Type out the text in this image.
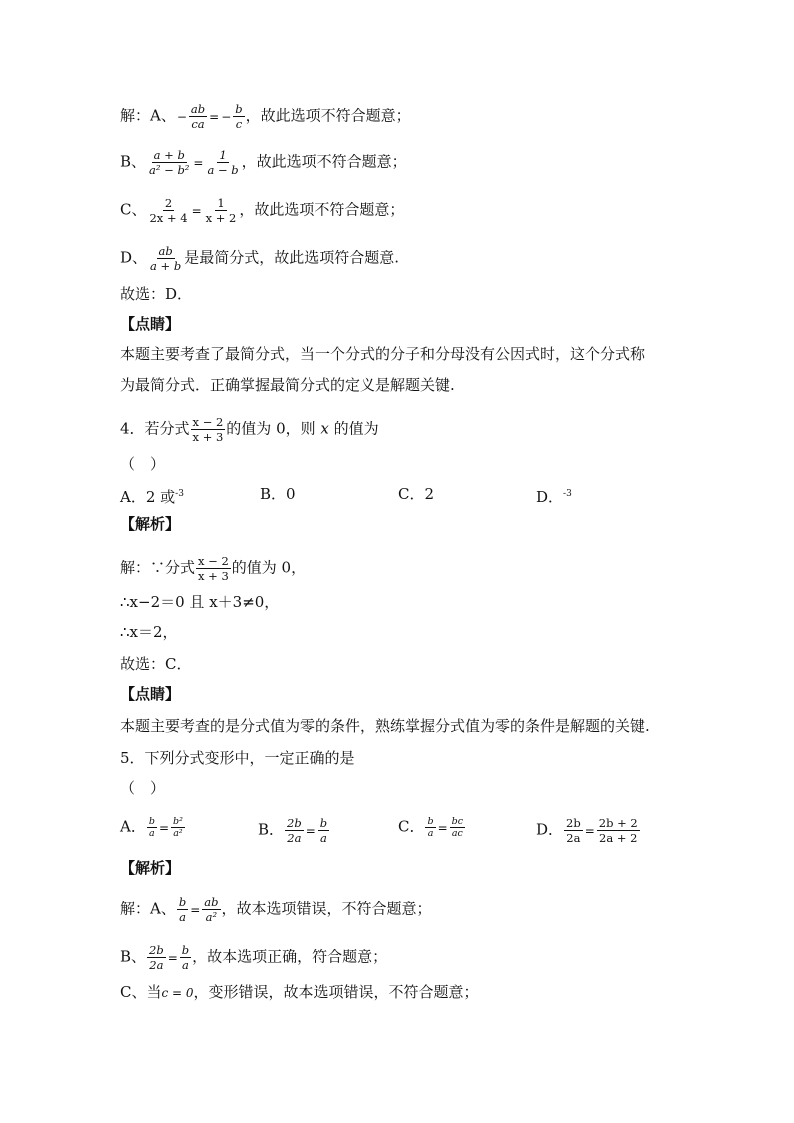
解：A、− $\frac{ab}{ca}$ = − $\frac{b}{c}$ ，故此选项不符合题意；
B、 $\frac{a + b}{\text{a² − b²}} = \frac{1}{a - b}$ ，故此选项不符合题意；
C、 $\frac{2}{2x + 4} = \frac{1}{x + 2}$ ，故此选项不符合题意；
D、 $\frac{ab}{a + b}$ 是最简分式，故此选项符合题意.
故选：D．
【点睛】
本题主要考查了最简分式，当一个分式的分子和分母没有公因式时，这个分式称
为最简分式．正确掌握最简分式的定义是解题关键.
4．若分式 $\frac{x - 2}{x + 3}$ 的值为 0，则 x 的值为
（　）
A．2 或$^{-3}$	B．0	C．2	D．$^{-3}$
【解析】
解：∵分式 $\frac{x - 2}{x + 3}$ 的值为 0，
∴x−2＝0 且 x＋3≠0，
∴x＝2，
故选：C．
【点睛】
本题主要考查的是分式值为零的条件，熟练掌握分式值为零的条件是解题的关键.
5．下列分式变形中，一定正确的是
（　）
A． $\frac{b}{a} = \frac{\text{b²}}{\text{a²}}$	B． $\frac{2b}{2a} = \frac{b}{a}$	C． $\frac{b}{a} = \frac{bc}{ac}$	D． $\frac{2b}{2a} = \frac{2b + 2}{2a + 2}$
【解析】
解：A、 $\frac{b}{a} = \frac{ab}{\text{a²}}$ ，故本选项错误，不符合题意；
B、 $\frac{2b}{2a} = \frac{b}{a}$ ，故本选项正确，符合题意；
C、当c = 0，变形错误，故本选项错误，不符合题意；
